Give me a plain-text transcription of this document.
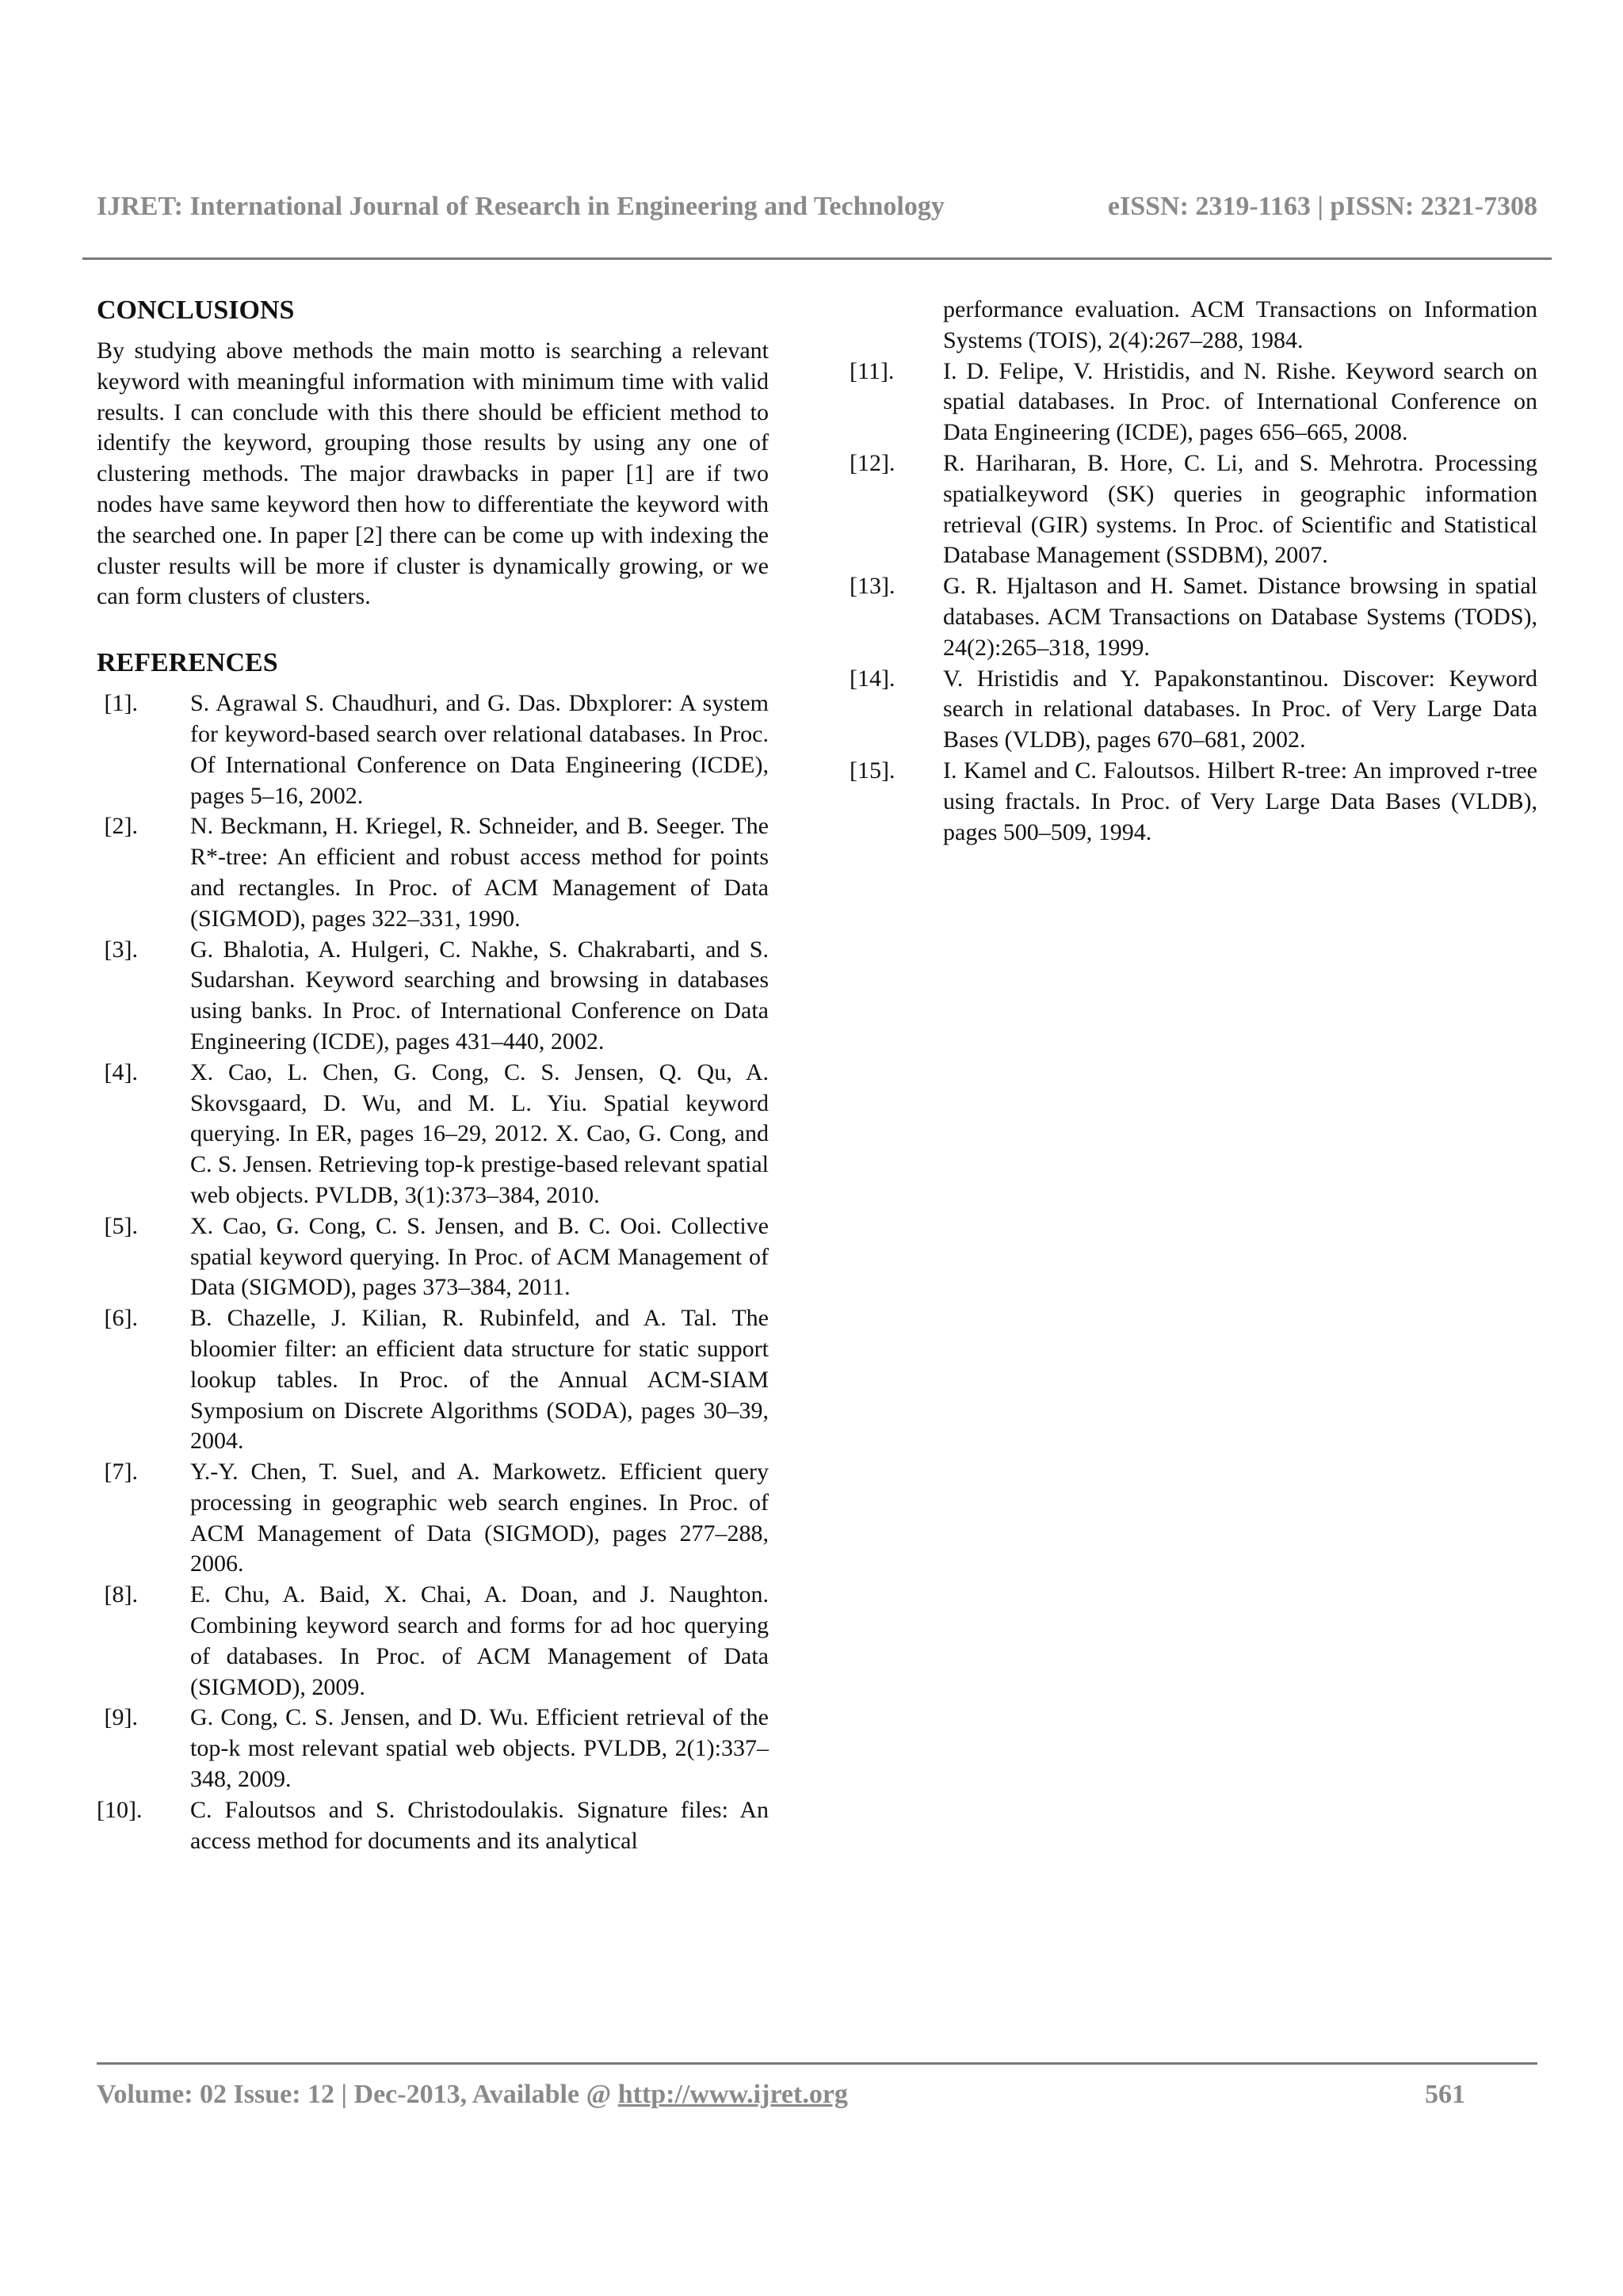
IJRET: International Journal of Research in Engineering and Technology	eISSN: 2319-1163 | pISSN: 2321-7308
CONCLUSIONS

By studying above methods the main motto is searching a relevant keyword with meaningful information with minimum time with valid results. I can conclude with this there should be efficient method to identify the keyword, grouping those results by using any one of clustering methods. The major drawbacks in paper [1] are if two nodes have same keyword then how to differentiate the keyword with the searched one. In paper [2] there can be come up with indexing the cluster results will be more if cluster is dynamically growing, or we can form clusters of clusters.

REFERENCES
[1]. S. Agrawal S. Chaudhuri, and G. Das. Dbxplorer: A system for keyword-based search over relational databases. In Proc. Of International Conference on Data Engineering (ICDE), pages 5–16, 2002.
[2]. N. Beckmann, H. Kriegel, R. Schneider, and B. Seeger. The R*-tree: An efficient and robust access method for points and rectangles. In Proc. of ACM Management of Data (SIGMOD), pages 322–331, 1990.
[3]. G. Bhalotia, A. Hulgeri, C. Nakhe, S. Chakrabarti, and S. Sudarshan. Keyword searching and browsing in databases using banks. In Proc. of International Conference on Data Engineering (ICDE), pages 431–440, 2002.
[4]. X. Cao, L. Chen, G. Cong, C. S. Jensen, Q. Qu, A. Skovsgaard, D. Wu, and M. L. Yiu. Spatial keyword querying. In ER, pages 16–29, 2012. X. Cao, G. Cong, and C. S. Jensen. Retrieving top-k prestige-based relevant spatial web objects. PVLDB, 3(1):373–384, 2010.
[5]. X. Cao, G. Cong, C. S. Jensen, and B. C. Ooi. Collective spatial keyword querying. In Proc. of ACM Management of Data (SIGMOD), pages 373–384, 2011.
[6]. B. Chazelle, J. Kilian, R. Rubinfeld, and A. Tal. The bloomier filter: an efficient data structure for static support lookup tables. In Proc. of the Annual ACM-SIAM Symposium on Discrete Algorithms (SODA), pages 30–39, 2004.
[7]. Y.-Y. Chen, T. Suel, and A. Markowetz. Efficient query processing in geographic web search engines. In Proc. of ACM Management of Data (SIGMOD), pages 277–288, 2006.
[8]. E. Chu, A. Baid, X. Chai, A. Doan, and J. Naughton. Combining keyword search and forms for ad hoc querying of databases. In Proc. of ACM Management of Data (SIGMOD), 2009.
[9]. G. Cong, C. S. Jensen, and D. Wu. Efficient retrieval of the top-k most relevant spatial web objects. PVLDB, 2(1):337–348, 2009.
[10]. C. Faloutsos and S. Christodoulakis. Signature files: An access method for documents and its analytical
performance evaluation. ACM Transactions on Information Systems (TOIS), 2(4):267–288, 1984.
[11]. I. D. Felipe, V. Hristidis, and N. Rishe. Keyword search on spatial databases. In Proc. of International Conference on Data Engineering (ICDE), pages 656–665, 2008.
[12]. R. Hariharan, B. Hore, C. Li, and S. Mehrotra. Processing spatialkeyword (SK) queries in geographic information retrieval (GIR) systems. In Proc. of Scientific and Statistical Database Management (SSDBM), 2007.
[13]. G. R. Hjaltason and H. Samet. Distance browsing in spatial databases. ACM Transactions on Database Systems (TODS), 24(2):265–318, 1999.
[14]. V. Hristidis and Y. Papakonstantinou. Discover: Keyword search in relational databases. In Proc. of Very Large Data Bases (VLDB), pages 670–681, 2002.
[15]. I. Kamel and C. Faloutsos. Hilbert R-tree: An improved r-tree using fractals. In Proc. of Very Large Data Bases (VLDB), pages 500–509, 1994.
Volume: 02 Issue: 12 | Dec-2013, Available @ http://www.ijret.org	561
